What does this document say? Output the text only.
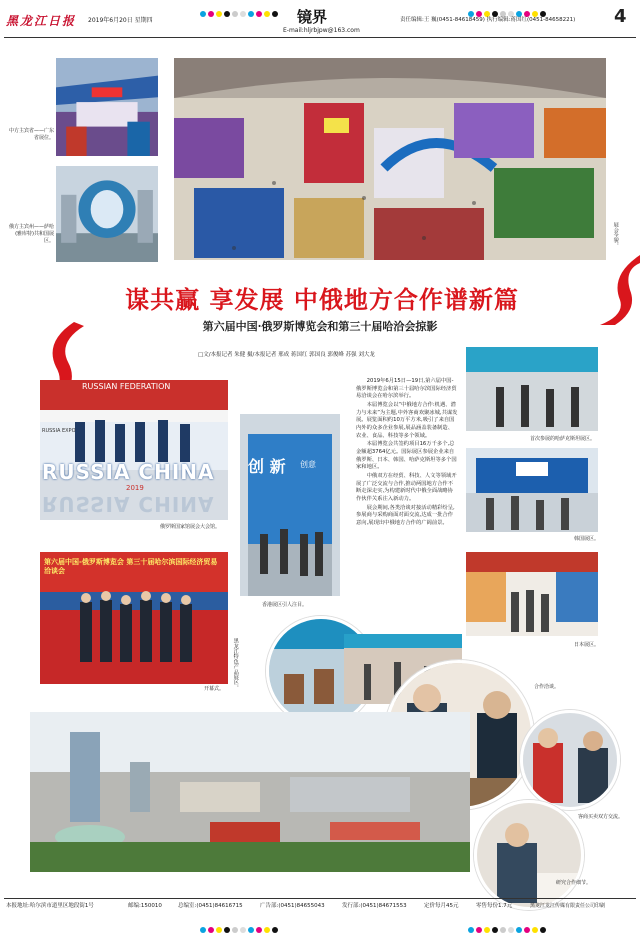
黑龙江日报 2019年6月20日 星期四	镜界
E-mail:hljrbjpw@163.com
责任编辑:王 巍(0451-84618459) 执行编辑:蒋国红(0451-84658221) 4
中方主宾省——广东省展位。
俄方主宾州——萨哈(雅库特)共和国展区。	展会全貌。
谋共赢 享发展 中俄地方合作谱新篇
第六届中国·俄罗斯博览会和第三十届哈洽会掠影
□文/本报记者 朱健 摄/本报记者 邢成 蒋国红 郭国良 郭俊峰 苏强 刘大龙
RUSSIAN FEDERATION
RUSSIA EXPO
RUSSIA CHINA
2019
RUSSIA CHINA
俄罗斯国家馆展会大会馆。
第六届中国-俄罗斯博览会 第三十届哈尔滨国际经济贸易洽谈会
开幕式。
创 新 创意
香港展区引人注目。
黑龙江特色产品展区。

2019年6月15日—19日,第六届中国-俄罗斯博览会和第三十届哈尔滨国际经济贸易洽谈会在哈尔滨举行。

本届博览会以“中俄地方合作:机遇、潜力与未来”为主题,中外客商欢聚冰城,共谋发展。展览面积约10万平方米,吸引了来自国内外的众多企业参展,展品涵盖装备制造、农业、食品、科技等多个领域。

本届博览会共签约项目16万千多个,总金额超3764亿元。国际展区参展企业来自俄罗斯、日本、韩国、哈萨克斯坦等多个国家和地区。

中俄双方在经贸、科技、人文等领域开展了广泛交流与合作,推动两国地方合作不断走深走实,为构建新时代中俄全面战略协作伙伴关系注入新动力。

展会期间,各类洽谈对接活动精彩纷呈,参展商与采购商面对面交流,达成一批合作意向,展现出中俄地方合作的广阔前景。

首次参展的哈萨克斯坦展区。
韩国展区。
日本展区。
合作洽谈。
客商买卖双方交流。
研究合作细节。
本报地址:哈尔滨市道里区地段街1号	邮编:150010	总编室:(0451)84616715	广告部:(0451)84655043	发行部:(0451)84671553	定价每月45元	零售每份1.7元	黑龙江龙江传媒有限责任公司印刷
